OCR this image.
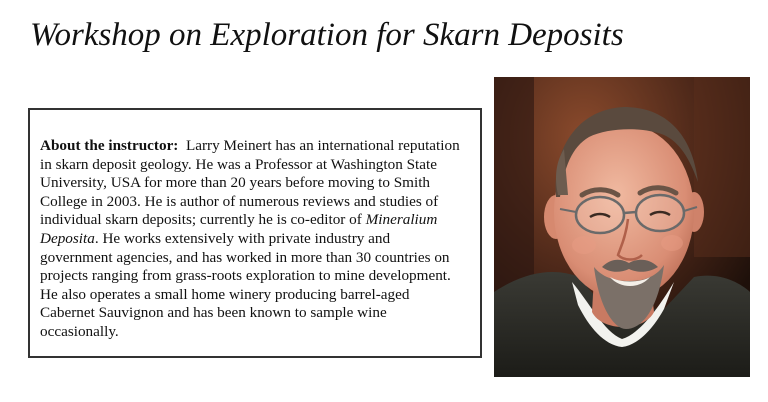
Workshop on Exploration for Skarn Deposits

About the instructor: Larry Meinert has an international reputation in skarn deposit geology. He was a Professor at Washington State University, USA for more than 20 years before moving to Smith College in 2003. He is author of numerous reviews and studies of individual skarn deposits; currently he is co-editor of Mineralium Deposita. He works extensively with private industry and government agencies, and has worked in more than 30 countries on projects ranging from grass-roots exploration to mine development. He also operates a small home winery producing barrel-aged Cabernet Sauvignon and has been known to sample wine occasionally.
